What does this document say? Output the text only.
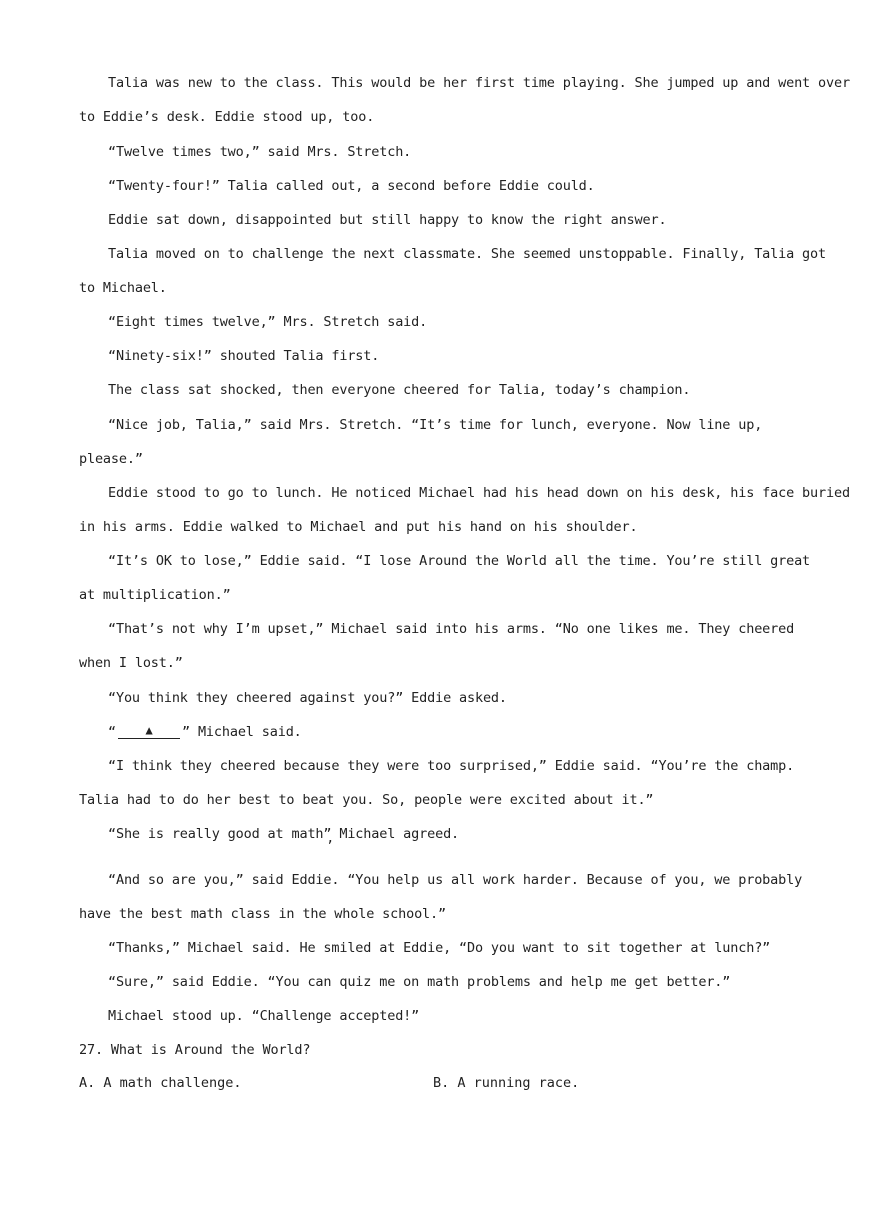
Talia was new to the class. This would be her first time playing. She jumped up and went over
to Eddie’s desk. Eddie stood up, too.
“Twelve times two,” said Mrs. Stretch.
“Twenty-four!” Talia called out, a second before Eddie could.
Eddie sat down, disappointed but still happy to know the right answer.
Talia moved on to challenge the next classmate. She seemed unstoppable. Finally, Talia got
to Michael.
“Eight times twelve,” Mrs. Stretch said.
“Ninety-six!” shouted Talia first.
The class sat shocked, then everyone cheered for Talia, today’s champion.
“Nice job, Talia,” said Mrs. Stretch. “It’s time for lunch, everyone. Now line up,
please.”
Eddie stood to go to lunch. He noticed Michael had his head down on his desk, his face buried
in his arms. Eddie walked to Michael and put his hand on his shoulder.
“It’s OK to lose,” Eddie said. “I lose Around the World all the time. You’re still great
at multiplication.”
“That’s not why I’m upset,” Michael said into his arms. “No one likes me. They cheered
when I lost.”
“You think they cheered against you?” Eddie asked.
“ ▲ ” Michael said.
“I think they cheered because they were too surprised,” Eddie said. “You’re the champ.
Talia had to do her best to beat you. So, people were excited about it.”
“She is really good at math” Michael agreed.
’
“And so are you,” said Eddie. “You help us all work harder. Because of you, we probably
have the best math class in the whole school.”
“Thanks,” Michael said. He smiled at Eddie, “Do you want to sit together at lunch?”
“Sure,” said Eddie. “You can quiz me on math problems and help me get better.”
Michael stood up. “Challenge accepted!”
27. What is Around the World?
A. A math challenge.	B. A running race.
